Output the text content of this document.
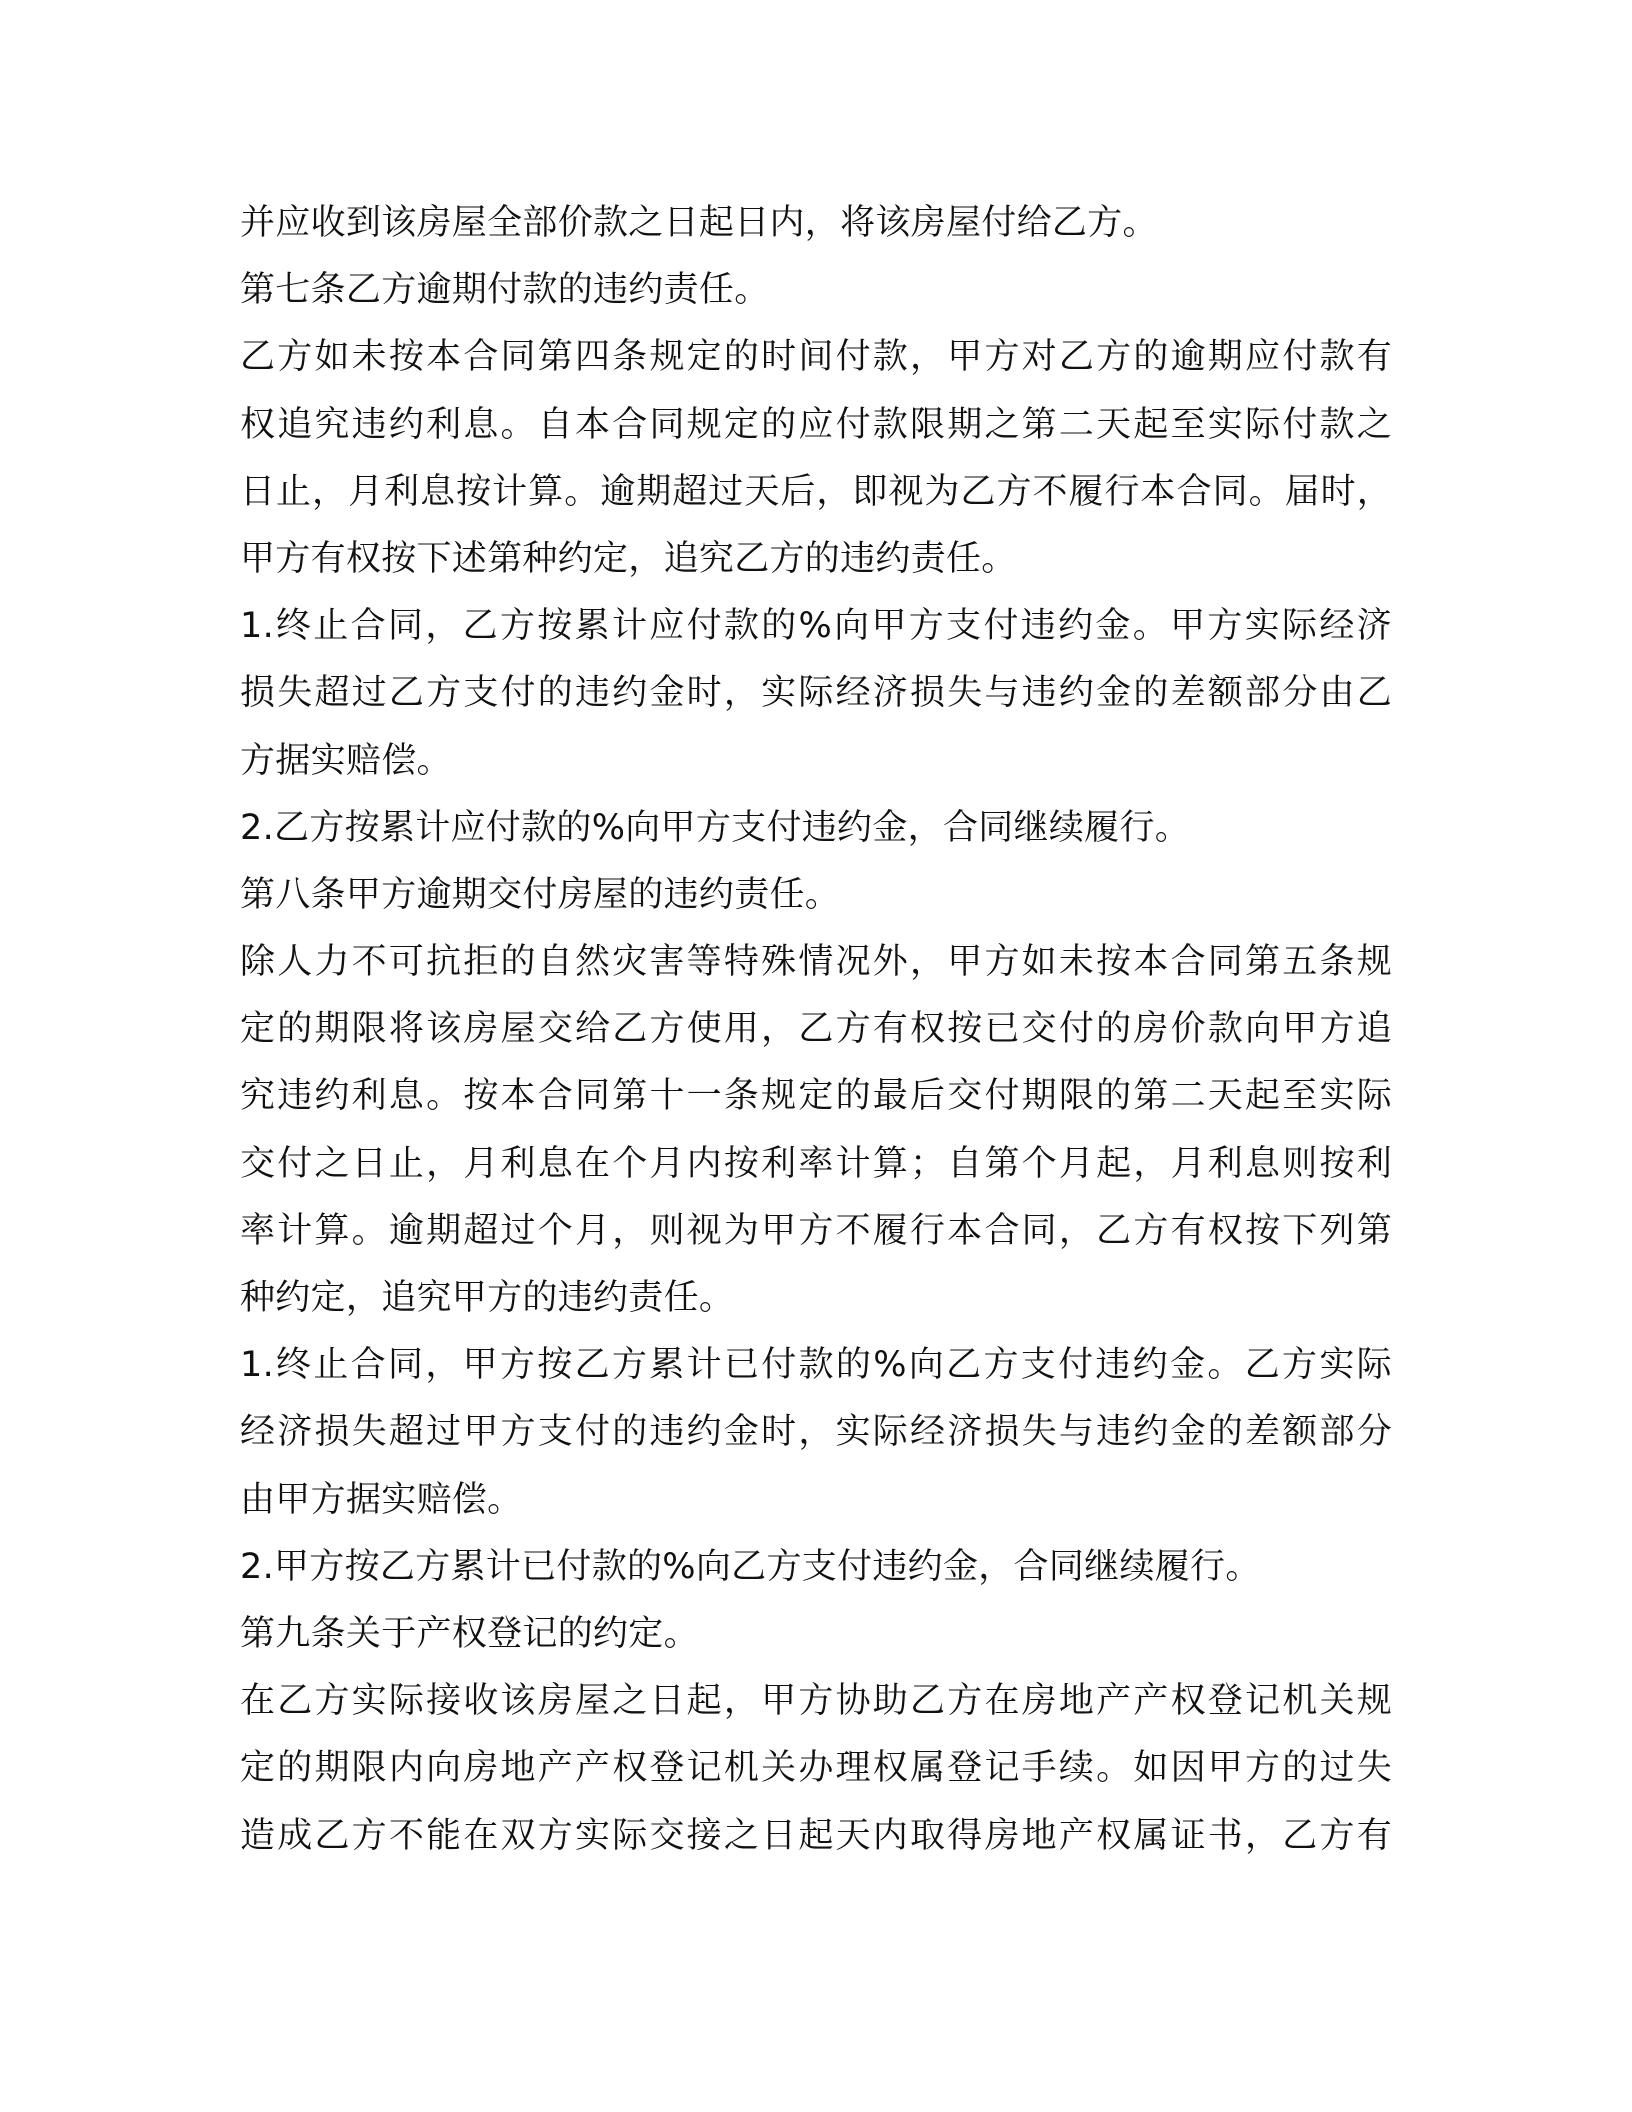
并应收到该房屋全部价款之日起日内，将该房屋付给乙方。
第七条乙方逾期付款的违约责任。
乙方如未按本合同第四条规定的时间付款，甲方对乙方的逾期应付款有
权追究违约利息。自本合同规定的应付款限期之第二天起至实际付款之
日止，月利息按计算。逾期超过天后，即视为乙方不履行本合同。届时，
甲方有权按下述第种约定，追究乙方的违约责任。
1.终止合同，乙方按累计应付款的%向甲方支付违约金。甲方实际经济
损失超过乙方支付的违约金时，实际经济损失与违约金的差额部分由乙
方据实赔偿。
2.乙方按累计应付款的%向甲方支付违约金，合同继续履行。
第八条甲方逾期交付房屋的违约责任。
除人力不可抗拒的自然灾害等特殊情况外，甲方如未按本合同第五条规
定的期限将该房屋交给乙方使用，乙方有权按已交付的房价款向甲方追
究违约利息。按本合同第十一条规定的最后交付期限的第二天起至实际
交付之日止，月利息在个月内按利率计算；自第个月起，月利息则按利
率计算。逾期超过个月，则视为甲方不履行本合同，乙方有权按下列第
种约定，追究甲方的违约责任。
1.终止合同，甲方按乙方累计已付款的%向乙方支付违约金。乙方实际
经济损失超过甲方支付的违约金时，实际经济损失与违约金的差额部分
由甲方据实赔偿。
2.甲方按乙方累计已付款的%向乙方支付违约金，合同继续履行。
第九条关于产权登记的约定。
在乙方实际接收该房屋之日起，甲方协助乙方在房地产产权登记机关规
定的期限内向房地产产权登记机关办理权属登记手续。如因甲方的过失
造成乙方不能在双方实际交接之日起天内取得房地产权属证书，乙方有
